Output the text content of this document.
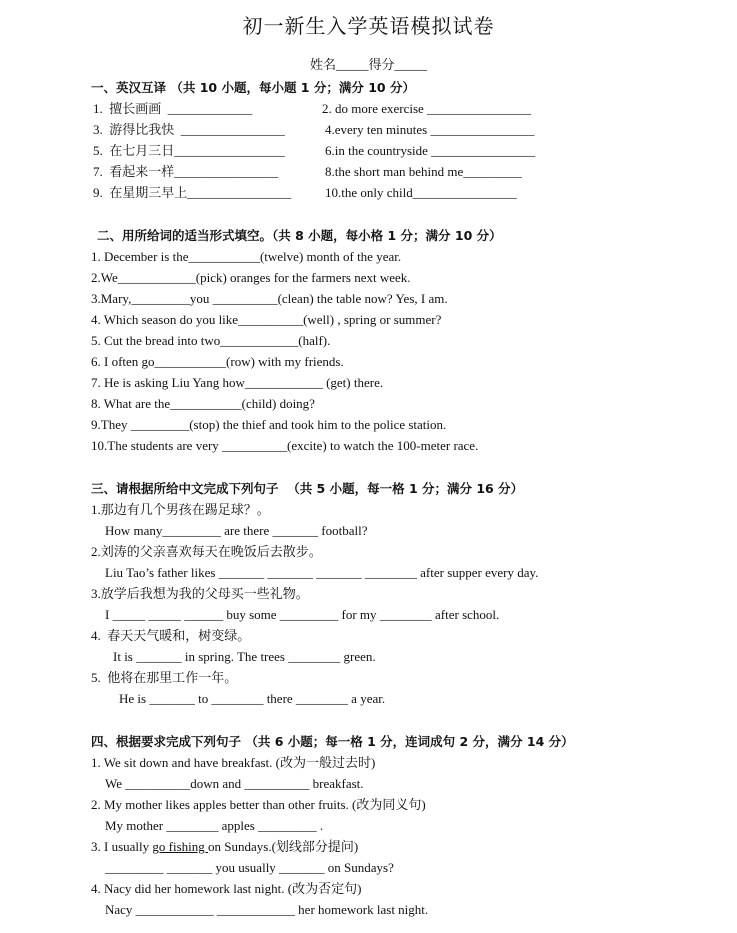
初一新生入学英语模拟试卷
姓名_____得分_____
一、英汉互译 （共 10 小题，每小题 1 分；满分 10 分）
1.  擅长画画  _____________	2. do more exercise ________________
3.  游得比我快  ________________	4.every ten minutes ________________
5.  在七月三日_________________	6.in the countryside ________________
7.  看起来一样________________	8.the short man behind me_________
9.  在星期三早上________________	10.the only child________________
二、用所给词的适当形式填空。（共 8 小题，每小格 1 分；满分 10 分）
1. December is the___________(twelve) month of the year.
2.We____________(pick) oranges for the farmers next week.
3.Mary,_________you __________(clean) the table now? Yes, I am.
4. Which season do you like__________(well) , spring or summer?
5. Cut the bread into two____________(half).
6. I often go___________(row) with my friends.
7. He is asking Liu Yang how____________ (get) there.
8. What are the___________(child) doing?
9.They _________(stop) the thief and took him to the police station.
10.The students are very __________(excite) to watch the 100-meter race.
三、请根据所给中文完成下列句子  （共 5 小题，每一格 1 分；满分 16 分）
1.那边有几个男孩在踢足球？。
How many_________ are there _______ football?
2.刘涛的父亲喜欢每天在晚饭后去散步。
Liu Tao’s father likes _______ _______ _______ ________ after supper every day.
3.放学后我想为我的父母买一些礼物。
I _____ _____ ______ buy some _________ for my ________ after school.
4.  春天天气暖和，树变绿。
It is _______ in spring. The trees ________ green.
5.  他将在那里工作一年。
He is _______ to ________ there ________ a year.
四、根据要求完成下列句子 （共 6 小题；每一格 1 分，连词成句 2 分，满分 14 分）
1. We sit down and have breakfast. (改为一般过去时)
We __________down and __________ breakfast.
2. My mother likes apples better than other fruits. (改为同义句)
My mother ________ apples _________ .
3. I usually go fishing on Sundays.(划线部分提问)
_________ _______ you usually _______ on Sundays?
4. Nacy did her homework last night. (改为否定句)
Nacy ____________ ____________ her homework last night.
